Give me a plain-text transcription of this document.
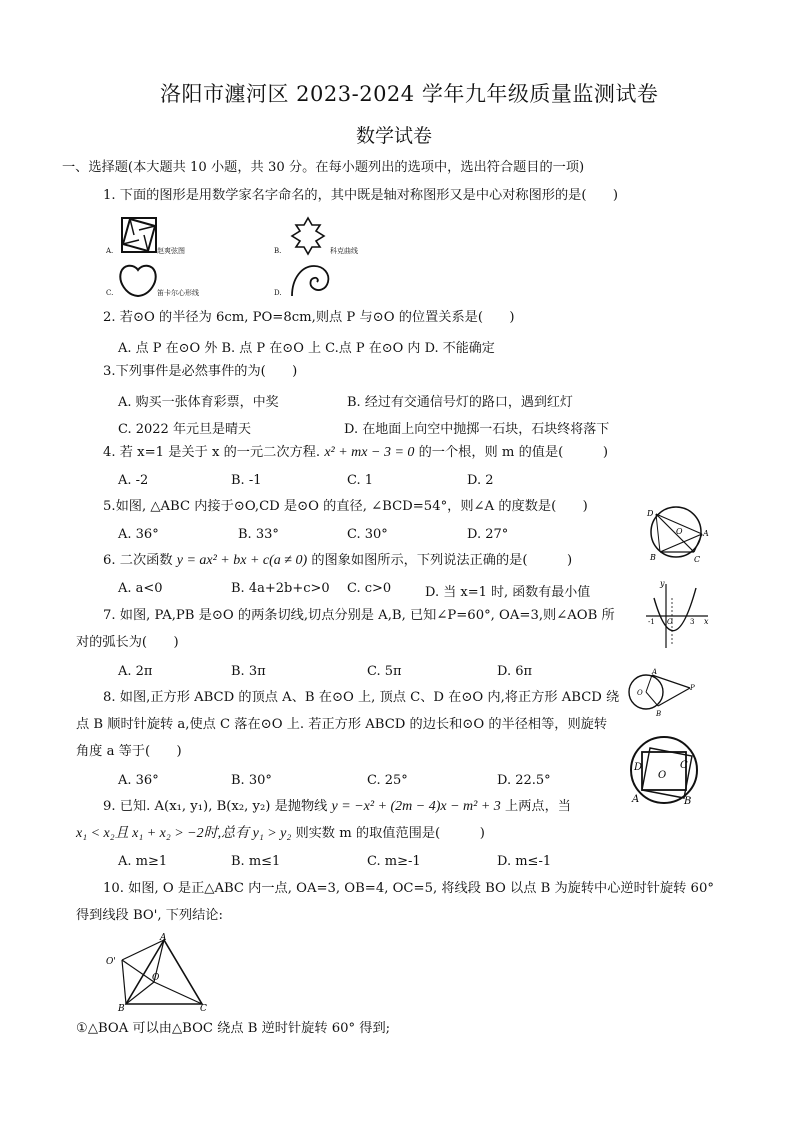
洛阳市瀍河区 2023-2024 学年九年级质量监测试卷
数学试卷
一、选择题(本大题共 10 小题，共 30 分。在每小题列出的选项中，选出符合题目的一项)
1. 下面的图形是用数学家名字命名的，其中既是轴对称图形又是中心对称图形的是(　　)
A.	赵爽弦图	B.	科克曲线
C.	笛卡尔心形线	D.
2. 若⊙O 的半径为 6cm, PO=8cm,则点 P 与⊙O 的位置关系是(　　)
A. 点 P 在⊙O 外 B. 点 P 在⊙O 上 C.点 P 在⊙O 内 D. 不能确定
3.下列事件是必然事件的为(　　)
A. 购买一张体育彩票，中奖	B. 经过有交通信号灯的路口，遇到红灯
C. 2022 年元旦是晴天	D. 在地面上向空中抛掷一石块，石块终将落下
4. 若 x=1 是关于 x 的一元二次方程. x² + mx − 3 = 0 的一个根，则 m 的值是(　　　)
A. -2	B. -1	C. 1	D. 2
5.如图, △ABC 内接于⊙O,CD 是⊙O 的直径, ∠BCD=54°，则∠A 的度数是(　　)
A. 36°	B. 33°	C. 30°	D. 27°
D
O	A
B	C
6. 二次函数 y = ax² + bx + c(a ≠ 0) 的图象如图所示，下列说法正确的是(　　　)
A. a<0	B. 4a+2b+c>0 C. c>0	D. 当 x=1 时, 函数有最小值
y
-1 O 3 x
7. 如图, PA,PB 是⊙O 的两条切线,切点分别是 A,B, 已知∠P=60°, OA=3,则∠AOB 所
对的弧长为(　　)
A. 2π	B. 3π	C. 5π	D. 6π	A
O
P
B
8. 如图,正方形 ABCD 的顶点 A、B 在⊙O 上, 顶点 C、D 在⊙O 内,将正方形 ABCD 绕
点 B 顺时针旋转 a,使点 C 落在⊙O 上. 若正方形 ABCD 的边长和⊙O 的半径相等，则旋转
角度 a 等于(　　)
A. 36°	B. 30°	C. 25°	D. 22.5°
D
O
C
A	B
9. 已知. A(x₁, y₁), B(x₂, y₂) 是抛物线 y = −x² + (2m − 4)x − m² + 3 上两点，当
x₁ < x₂且 x₁ + x₂ > −2时,总有 y₁ > y₂ 则实数 m 的取值范围是(　　　)
A. m≥1	B. m≤1	C. m≥-1	D. m≤-1
10. 如图, O 是正△ABC 内一点, OA=3, OB=4, OC=5, 将线段 BO 以点 B 为旋转中心逆时针旋转 60°
得到线段 BO', 下列结论:
A
O'
O
B	C
①△BOA 可以由△BOC 绕点 B 逆时针旋转 60° 得到;
